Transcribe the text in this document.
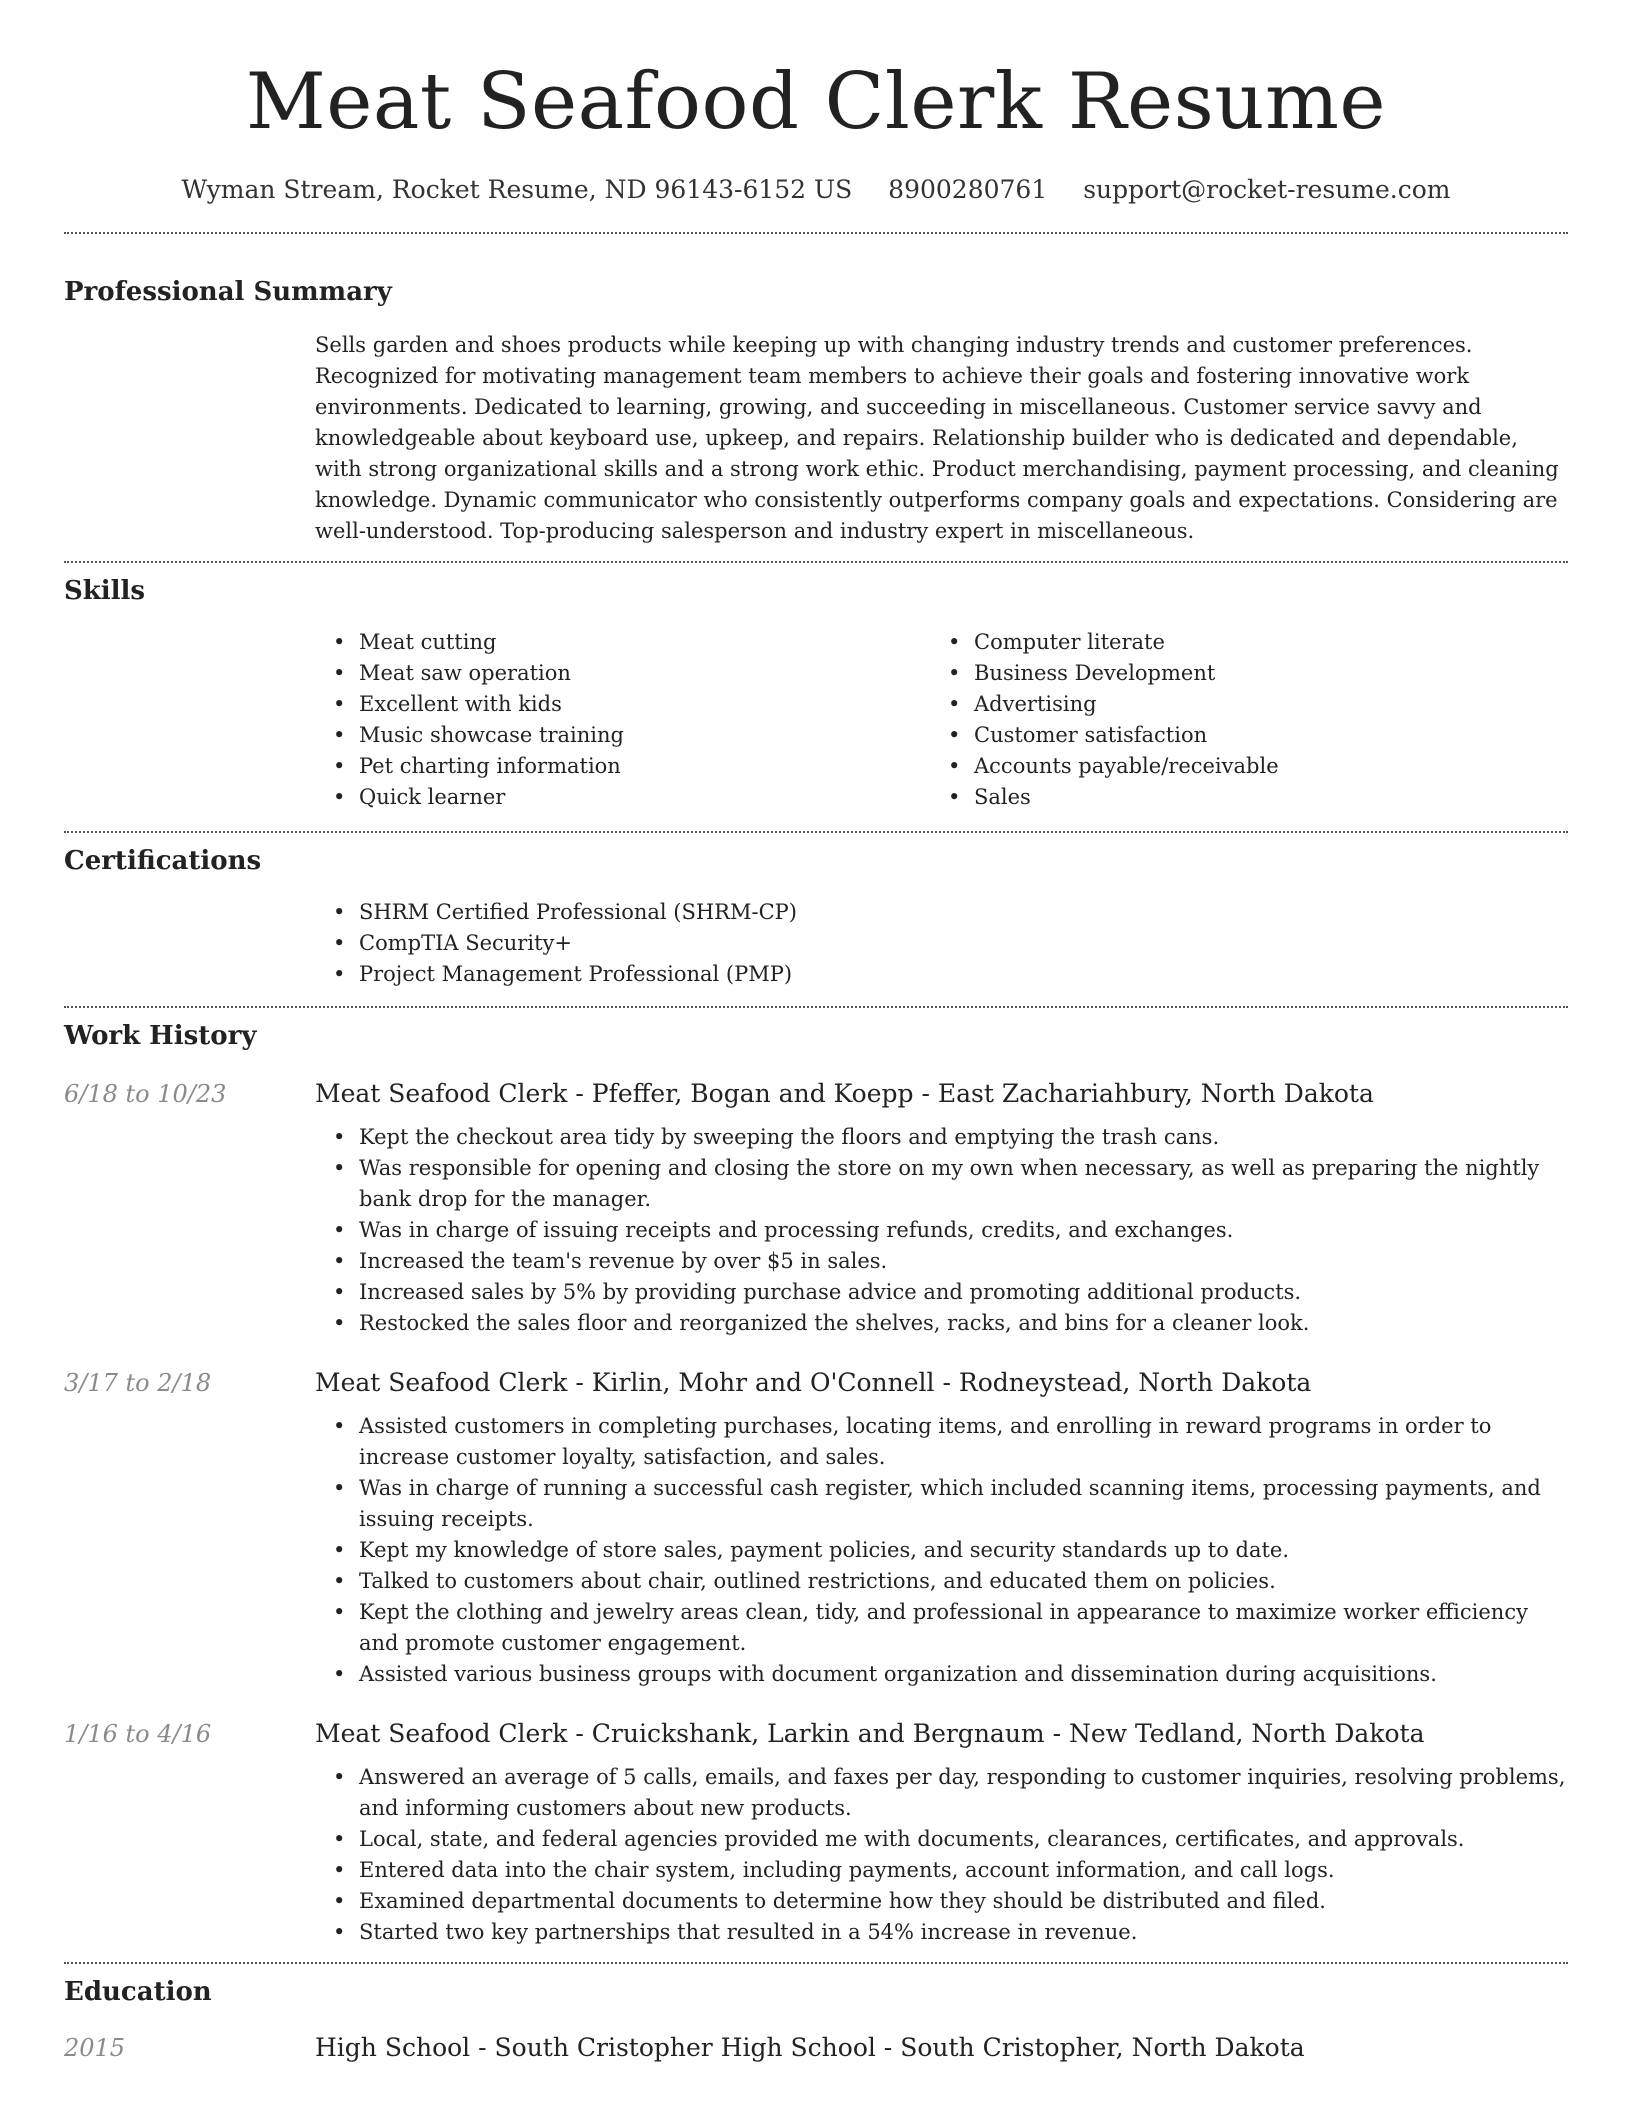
Meat Seafood Clerk Resume
Wyman Stream, Rocket Resume, ND 96143-6152 US 8900280761 support@rocket-resume.com
Professional Summary
Sells garden and shoes products while keeping up with changing industry trends and customer preferences. Recognized for motivating management team members to achieve their goals and fostering innovative work environments. Dedicated to learning, growing, and succeeding in miscellaneous. Customer service savvy and knowledgeable about keyboard use, upkeep, and repairs. Relationship builder who is dedicated and dependable, with strong organizational skills and a strong work ethic. Product merchandising, payment processing, and cleaning knowledge. Dynamic communicator who consistently outperforms company goals and expectations. Considering are well-understood. Top-producing salesperson and industry expert in miscellaneous.
Skills
• Meat cutting
• Meat saw operation
• Excellent with kids
• Music showcase training
• Pet charting information
• Quick learner
• Computer literate
• Business Development
• Advertising
• Customer satisfaction
• Accounts payable/receivable
• Sales
Certifications
• SHRM Certified Professional (SHRM-CP)
• CompTIA Security+
• Project Management Professional (PMP)
Work History
6/18 to 10/23	Meat Seafood Clerk - Pfeffer, Bogan and Koepp - East Zachariahbury, North Dakota
• Kept the checkout area tidy by sweeping the floors and emptying the trash cans.
• Was responsible for opening and closing the store on my own when necessary, as well as preparing the nightly bank drop for the manager.
• Was in charge of issuing receipts and processing refunds, credits, and exchanges.
• Increased the team's revenue by over $5 in sales.
• Increased sales by 5% by providing purchase advice and promoting additional products.
• Restocked the sales floor and reorganized the shelves, racks, and bins for a cleaner look.
3/17 to 2/18	Meat Seafood Clerk - Kirlin, Mohr and O'Connell - Rodneystead, North Dakota
• Assisted customers in completing purchases, locating items, and enrolling in reward programs in order to increase customer loyalty, satisfaction, and sales.
• Was in charge of running a successful cash register, which included scanning items, processing payments, and issuing receipts.
• Kept my knowledge of store sales, payment policies, and security standards up to date.
• Talked to customers about chair, outlined restrictions, and educated them on policies.
• Kept the clothing and jewelry areas clean, tidy, and professional in appearance to maximize worker efficiency and promote customer engagement.
• Assisted various business groups with document organization and dissemination during acquisitions.
1/16 to 4/16	Meat Seafood Clerk - Cruickshank, Larkin and Bergnaum - New Tedland, North Dakota
• Answered an average of 5 calls, emails, and faxes per day, responding to customer inquiries, resolving problems, and informing customers about new products.
• Local, state, and federal agencies provided me with documents, clearances, certificates, and approvals.
• Entered data into the chair system, including payments, account information, and call logs.
• Examined departmental documents to determine how they should be distributed and filed.
• Started two key partnerships that resulted in a 54% increase in revenue.
Education
2015	High School - South Cristopher High School - South Cristopher, North Dakota
